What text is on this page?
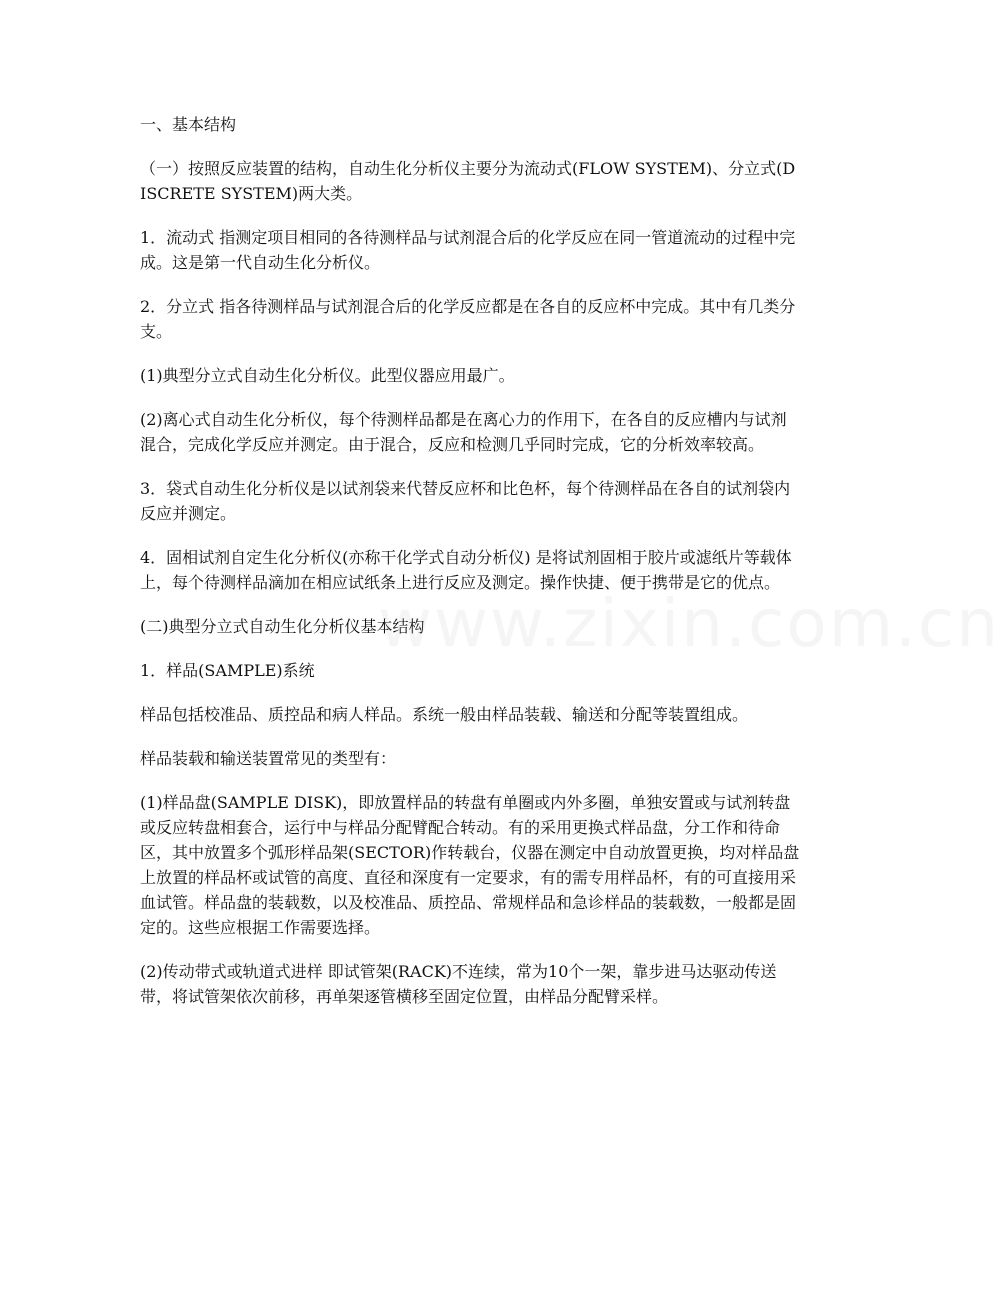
一、基本结构

（一）按照反应装置的结构，自动生化分析仪主要分为流动式(FLOW SYSTEM)、分立式(DISCRETE SYSTEM)两大类。

1．流动式 指测定项目相同的各待测样品与试剂混合后的化学反应在同一管道流动的过程中完成。这是第一代自动生化分析仪。

2．分立式 指各待测样品与试剂混合后的化学反应都是在各自的反应杯中完成。其中有几类分支。

(1)典型分立式自动生化分析仪。此型仪器应用最广。

(2)离心式自动生化分析仪，每个待测样品都是在离心力的作用下，在各自的反应槽内与试剂混合，完成化学反应并测定。由于混合，反应和检测几乎同时完成，它的分析效率较高。

3．袋式自动生化分析仪是以试剂袋来代替反应杯和比色杯，每个待测样品在各自的试剂袋内反应并测定。

4．固相试剂自定生化分析仪(亦称干化学式自动分析仪) 是将试剂固相于胶片或滤纸片等载体上，每个待测样品滴加在相应试纸条上进行反应及测定。操作快捷、便于携带是它的优点。

(二)典型分立式自动生化分析仪基本结构

1．样品(SAMPLE)系统

样品包括校准品、质控品和病人样品。系统一般由样品装载、输送和分配等装置组成。

样品装载和输送装置常见的类型有：

(1)样品盘(SAMPLE DISK)，即放置样品的转盘有单圈或内外多圈，单独安置或与试剂转盘或反应转盘相套合，运行中与样品分配臂配合转动。有的采用更换式样品盘，分工作和待命区，其中放置多个弧形样品架(SECTOR)作转载台，仪器在测定中自动放置更换，均对样品盘上放置的样品杯或试管的高度、直径和深度有一定要求，有的需专用样品杯，有的可直接用采血试管。样品盘的装载数，以及校准品、质控品、常规样品和急诊样品的装载数，一般都是固定的。这些应根据工作需要选择。

(2)传动带式或轨道式进样 即试管架(RACK)不连续，常为10个一架，靠步进马达驱动传送带，将试管架依次前移，再单架逐管横移至固定位置，由样品分配臂采样。

www.zixin.com.cn
